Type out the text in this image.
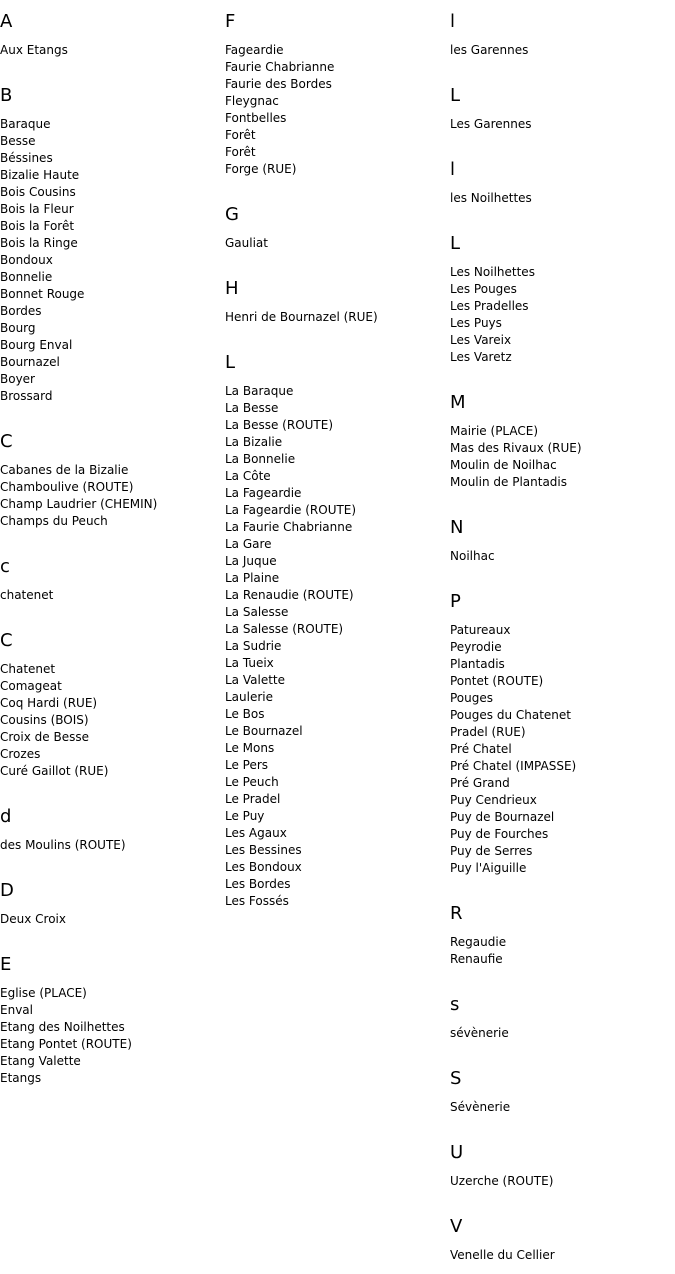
A
Aux Etangs
B
Baraque
Besse
Béssines
Bizalie Haute
Bois Cousins
Bois la Fleur
Bois la Forêt
Bois la Ringe
Bondoux
Bonnelie
Bonnet Rouge
Bordes
Bourg
Bourg Enval
Bournazel
Boyer
Brossard
C
Cabanes de la Bizalie
Chamboulive (ROUTE)
Champ Laudrier (CHEMIN)
Champs du Peuch
c
chatenet
C
Chatenet
Comageat
Coq Hardi (RUE)
Cousins (BOIS)
Croix de Besse
Crozes
Curé Gaillot (RUE)
d
des Moulins (ROUTE)
D
Deux Croix
E
Eglise (PLACE)
Enval
Etang des Noilhettes
Etang Pontet (ROUTE)
Etang Valette
Etangs
F
Fageardie
Faurie Chabrianne
Faurie des Bordes
Fleygnac
Fontbelles
Forêt
Forêt
Forge (RUE)
G
Gauliat
H
Henri de Bournazel (RUE)
L
La Baraque
La Besse
La Besse (ROUTE)
La Bizalie
La Bonnelie
La Côte
La Fageardie
La Fageardie (ROUTE)
La Faurie Chabrianne
La Gare
La Juque
La Plaine
La Renaudie (ROUTE)
La Salesse
La Salesse (ROUTE)
La Sudrie
La Tueix
La Valette
Laulerie
Le Bos
Le Bournazel
Le Mons
Le Pers
Le Peuch
Le Pradel
Le Puy
Les Agaux
Les Bessines
Les Bondoux
Les Bordes
Les Fossés
l
les Garennes
L
Les Garennes
l
les Noilhettes
L
Les Noilhettes
Les Pouges
Les Pradelles
Les Puys
Les Vareix
Les Varetz
M
Mairie (PLACE)
Mas des Rivaux (RUE)
Moulin de Noilhac
Moulin de Plantadis
N
Noilhac
P
Patureaux
Peyrodie
Plantadis
Pontet (ROUTE)
Pouges
Pouges du Chatenet
Pradel (RUE)
Pré Chatel
Pré Chatel (IMPASSE)
Pré Grand
Puy Cendrieux
Puy de Bournazel
Puy de Fourches
Puy de Serres
Puy l'Aiguille
R
Regaudie
Renaufie
s
sévènerie
S
Sévènerie
U
Uzerche (ROUTE)
V
Venelle du Cellier
